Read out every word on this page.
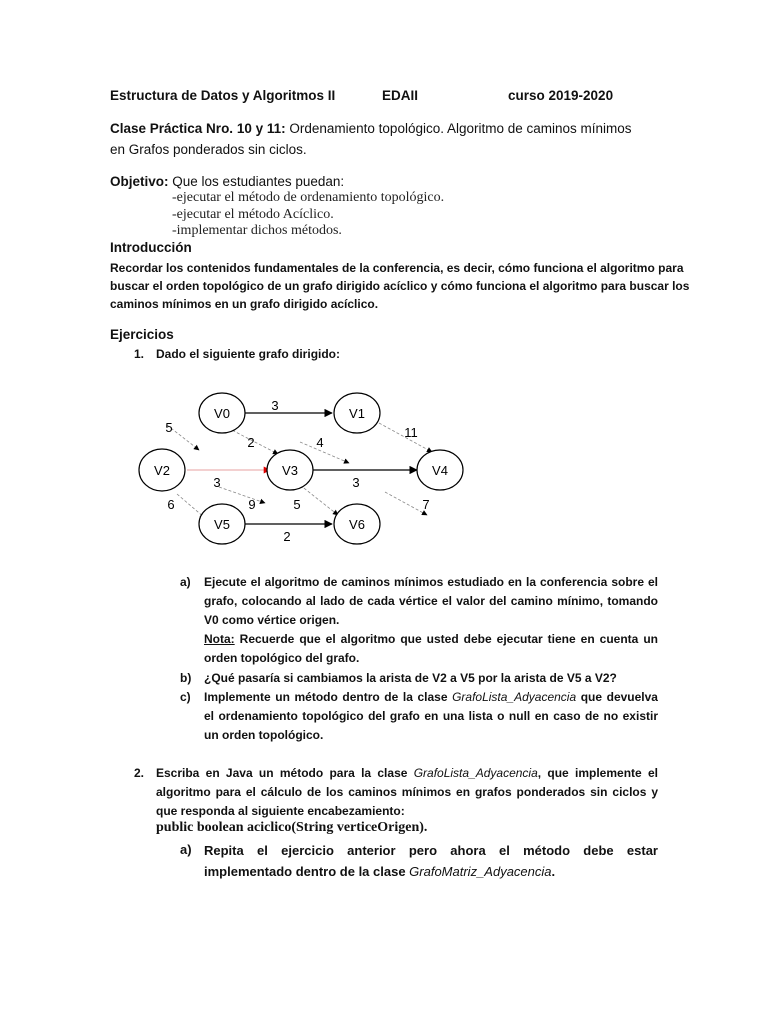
Estructura de Datos y Algoritmos II	EDAII	curso 2019-2020
Clase Práctica Nro. 10 y 11: Ordenamiento topológico. Algoritmo de caminos mínimos
en Grafos ponderados sin ciclos.
Objetivo: Que los estudiantes puedan:
-ejecutar el método de ordenamiento topológico.
-ejecutar el método Acíclico.
-implementar dichos métodos.
Introducción
Recordar los contenidos fundamentales de la conferencia, es decir, cómo funciona el algoritmo para buscar el orden topológico de un grafo dirigido acíclico y cómo funciona el algoritmo para buscar los caminos mínimos en un grafo dirigido acíclico.
Ejercicios
1. Dado el siguiente grafo dirigido:
V0	V1
V2	V3	V4
V5	V6
3
5
2	4
11
3	3
9	5	7
6
2
a) Ejecute el algoritmo de caminos mínimos estudiado en la conferencia sobre el grafo, colocando al lado de cada vértice el valor del camino mínimo, tomando V0 como vértice origen.
Nota: Recuerde que el algoritmo que usted debe ejecutar tiene en cuenta un orden topológico del grafo.
b) ¿Qué pasaría si cambiamos la arista de V2 a V5 por la arista de V5 a V2?
c) Implemente un método dentro de la clase GrafoLista_Adyacencia que devuelva el ordenamiento topológico del grafo en una lista o null en caso de no existir un orden topológico.
2. Escriba en Java un método para la clase GrafoLista_Adyacencia, que implemente el algoritmo para el cálculo de los caminos mínimos en grafos ponderados sin ciclos y que responda al siguiente encabezamiento:
public boolean aciclico(String verticeOrigen).
a) Repita el ejercicio anterior pero ahora el método debe estar implementado dentro de la clase GrafoMatriz_Adyacencia.
